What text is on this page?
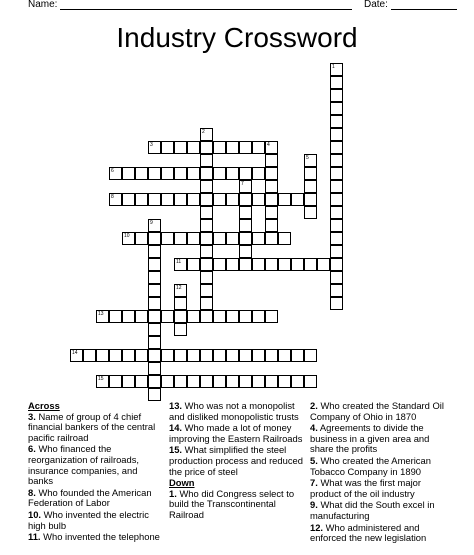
Name:	Date:
Industry Crossword
1
2
3	4
5
6
7
8
9
10
11
12
13
14
15
Across
3. Name of group of 4 chief financial bankers of the central pacific railroad
6. Who financed the reorganization of railroads, insurance companies, and banks
8. Who founded the American Federation of Labor
10. Who invented the electric high bulb
11. Who invented the telephone
13. Who was not a monopolist and disliked monopolistic trusts
14. Who made a lot of money improving the Eastern Railroads
15. What simplified the steel production process and reduced the price of steel
Down
1. Who did Congress select to build the Transcontinental Railroad
2. Who created the Standard Oil Company of Ohio in 1870
4. Agreements to divide the business in a given area and share the profits
5. Who created the American Tobacco Company in 1890
7. What was the first major product of the oil industry
9. What did the South excel in manufacturing
12. Who administered and enforced the new legislation
